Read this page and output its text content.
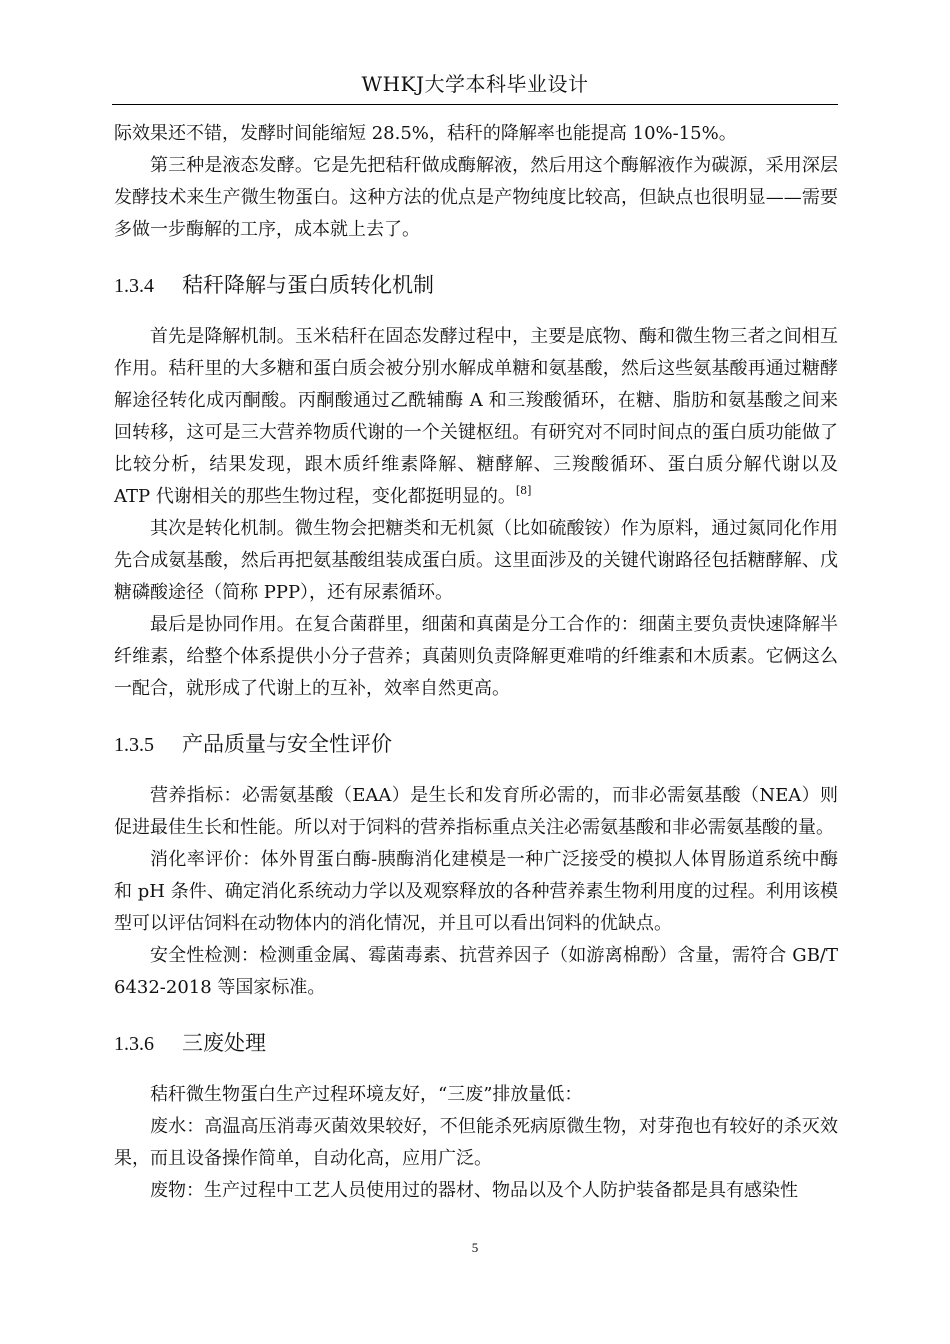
WHKJ大学本科毕业设计

际效果还不错，发酵时间能缩短 28.5%，秸秆的降解率也能提高 10%-15%。

第三种是液态发酵。它是先把秸秆做成酶解液，然后用这个酶解液作为碳源，采用深层发酵技术来生产微生物蛋白。这种方法的优点是产物纯度比较高，但缺点也很明显——需要多做一步酶解的工序，成本就上去了。

1.3.4 秸秆降解与蛋白质转化机制

首先是降解机制。玉米秸秆在固态发酵过程中，主要是底物、酶和微生物三者之间相互作用。秸秆里的大多糖和蛋白质会被分别水解成单糖和氨基酸，然后这些氨基酸再通过糖酵解途径转化成丙酮酸。丙酮酸通过乙酰辅酶 A 和三羧酸循环，在糖、脂肪和氨基酸之间来回转移，这可是三大营养物质代谢的一个关键枢纽。有研究对不同时间点的蛋白质功能做了比较分析，结果发现，跟木质纤维素降解、糖酵解、三羧酸循环、蛋白质分解代谢以及 ATP 代谢相关的那些生物过程，变化都挺明显的。[8]

其次是转化机制。微生物会把糖类和无机氮（比如硫酸铵）作为原料，通过氮同化作用先合成氨基酸，然后再把氨基酸组装成蛋白质。这里面涉及的关键代谢路径包括糖酵解、戊糖磷酸途径（简称 PPP），还有尿素循环。

最后是协同作用。在复合菌群里，细菌和真菌是分工合作的：细菌主要负责快速降解半纤维素，给整个体系提供小分子营养；真菌则负责降解更难啃的纤维素和木质素。它俩这么一配合，就形成了代谢上的互补，效率自然更高。

1.3.5 产品质量与安全性评价

营养指标：必需氨基酸（EAA）是生长和发育所必需的，而非必需氨基酸（NEA）则促进最佳生长和性能。所以对于饲料的营养指标重点关注必需氨基酸和非必需氨基酸的量。

消化率评价：体外胃蛋白酶-胰酶消化建模是一种广泛接受的模拟人体胃肠道系统中酶和 pH 条件、确定消化系统动力学以及观察释放的各种营养素生物利用度的过程。利用该模型可以评估饲料在动物体内的消化情况，并且可以看出饲料的优缺点。

安全性检测：检测重金属、霉菌毒素、抗营养因子（如游离棉酚）含量，需符合 GB/T 6432-2018 等国家标准。

1.3.6 三废处理

秸秆微生物蛋白生产过程环境友好，“三废”排放量低：

废水：高温高压消毒灭菌效果较好，不但能杀死病原微生物，对芽孢也有较好的杀灭效果，而且设备操作简单，自动化高，应用广泛。

废物：生产过程中工艺人员使用过的器材、物品以及个人防护装备都是具有感染性

5
